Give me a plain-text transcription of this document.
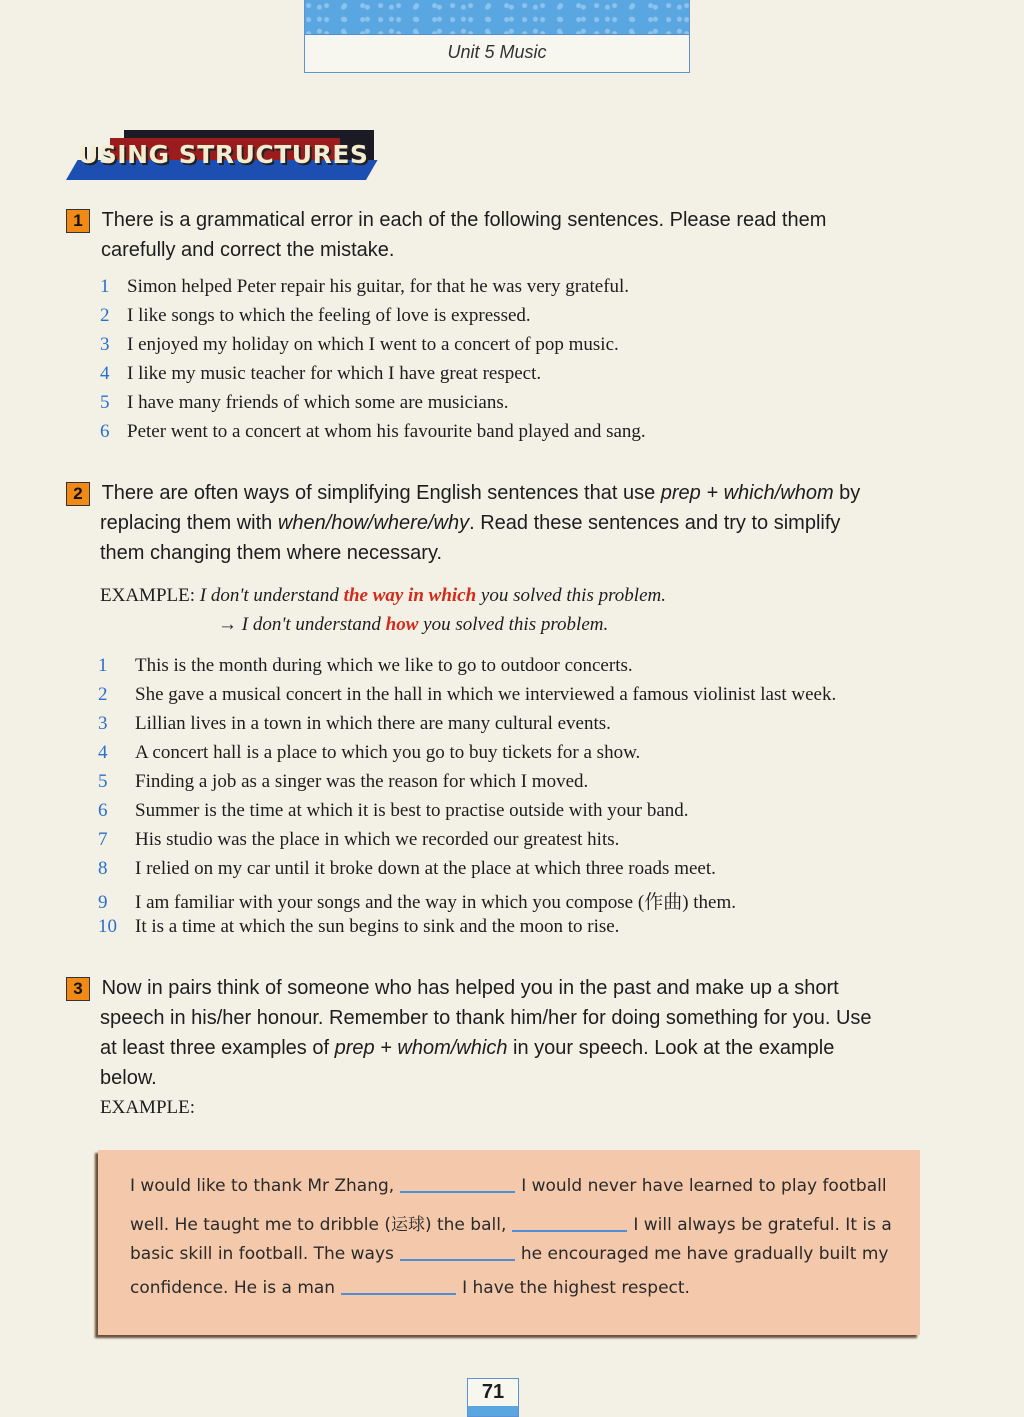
Unit 5 Music
USING STRUCTURES
1 There is a grammatical error in each of the following sentences. Please read them
carefully and correct the mistake.
1 Simon helped Peter repair his guitar, for that he was very grateful.
2 I like songs to which the feeling of love is expressed.
3 I enjoyed my holiday on which I went to a concert of pop music.
4 I like my music teacher for which I have great respect.
5 I have many friends of which some are musicians.
6 Peter went to a concert at whom his favourite band played and sang.
2 There are often ways of simplifying English sentences that use prep + which/whom by
replacing them with when/how/where/why. Read these sentences and try to simplify
them changing them where necessary.
EXAMPLE: I don't understand the way in which you solved this problem.
→ I don't understand how you solved this problem.
1 This is the month during which we like to go to outdoor concerts.
2 She gave a musical concert in the hall in which we interviewed a famous violinist last week.
3 Lillian lives in a town in which there are many cultural events.
4 A concert hall is a place to which you go to buy tickets for a show.
5 Finding a job as a singer was the reason for which I moved.
6 Summer is the time at which it is best to practise outside with your band.
7 His studio was the place in which we recorded our greatest hits.
8 I relied on my car until it broke down at the place at which three roads meet.
9 I am familiar with your songs and the way in which you compose (作曲) them.
10 It is a time at which the sun begins to sink and the moon to rise.
3 Now in pairs think of someone who has helped you in the past and make up a short
speech in his/her honour. Remember to thank him/her for doing something for you. Use
at least three examples of prep + whom/which in your speech. Look at the example
below.
EXAMPLE:
I would like to thank Mr Zhang,	I would never have learned to play football
well. He taught me to dribble (运球) the ball,	I will always be grateful. It is a
basic skill in football. The ways	he encouraged me have gradually built my
confidence. He is a man	I have the highest respect.
71
